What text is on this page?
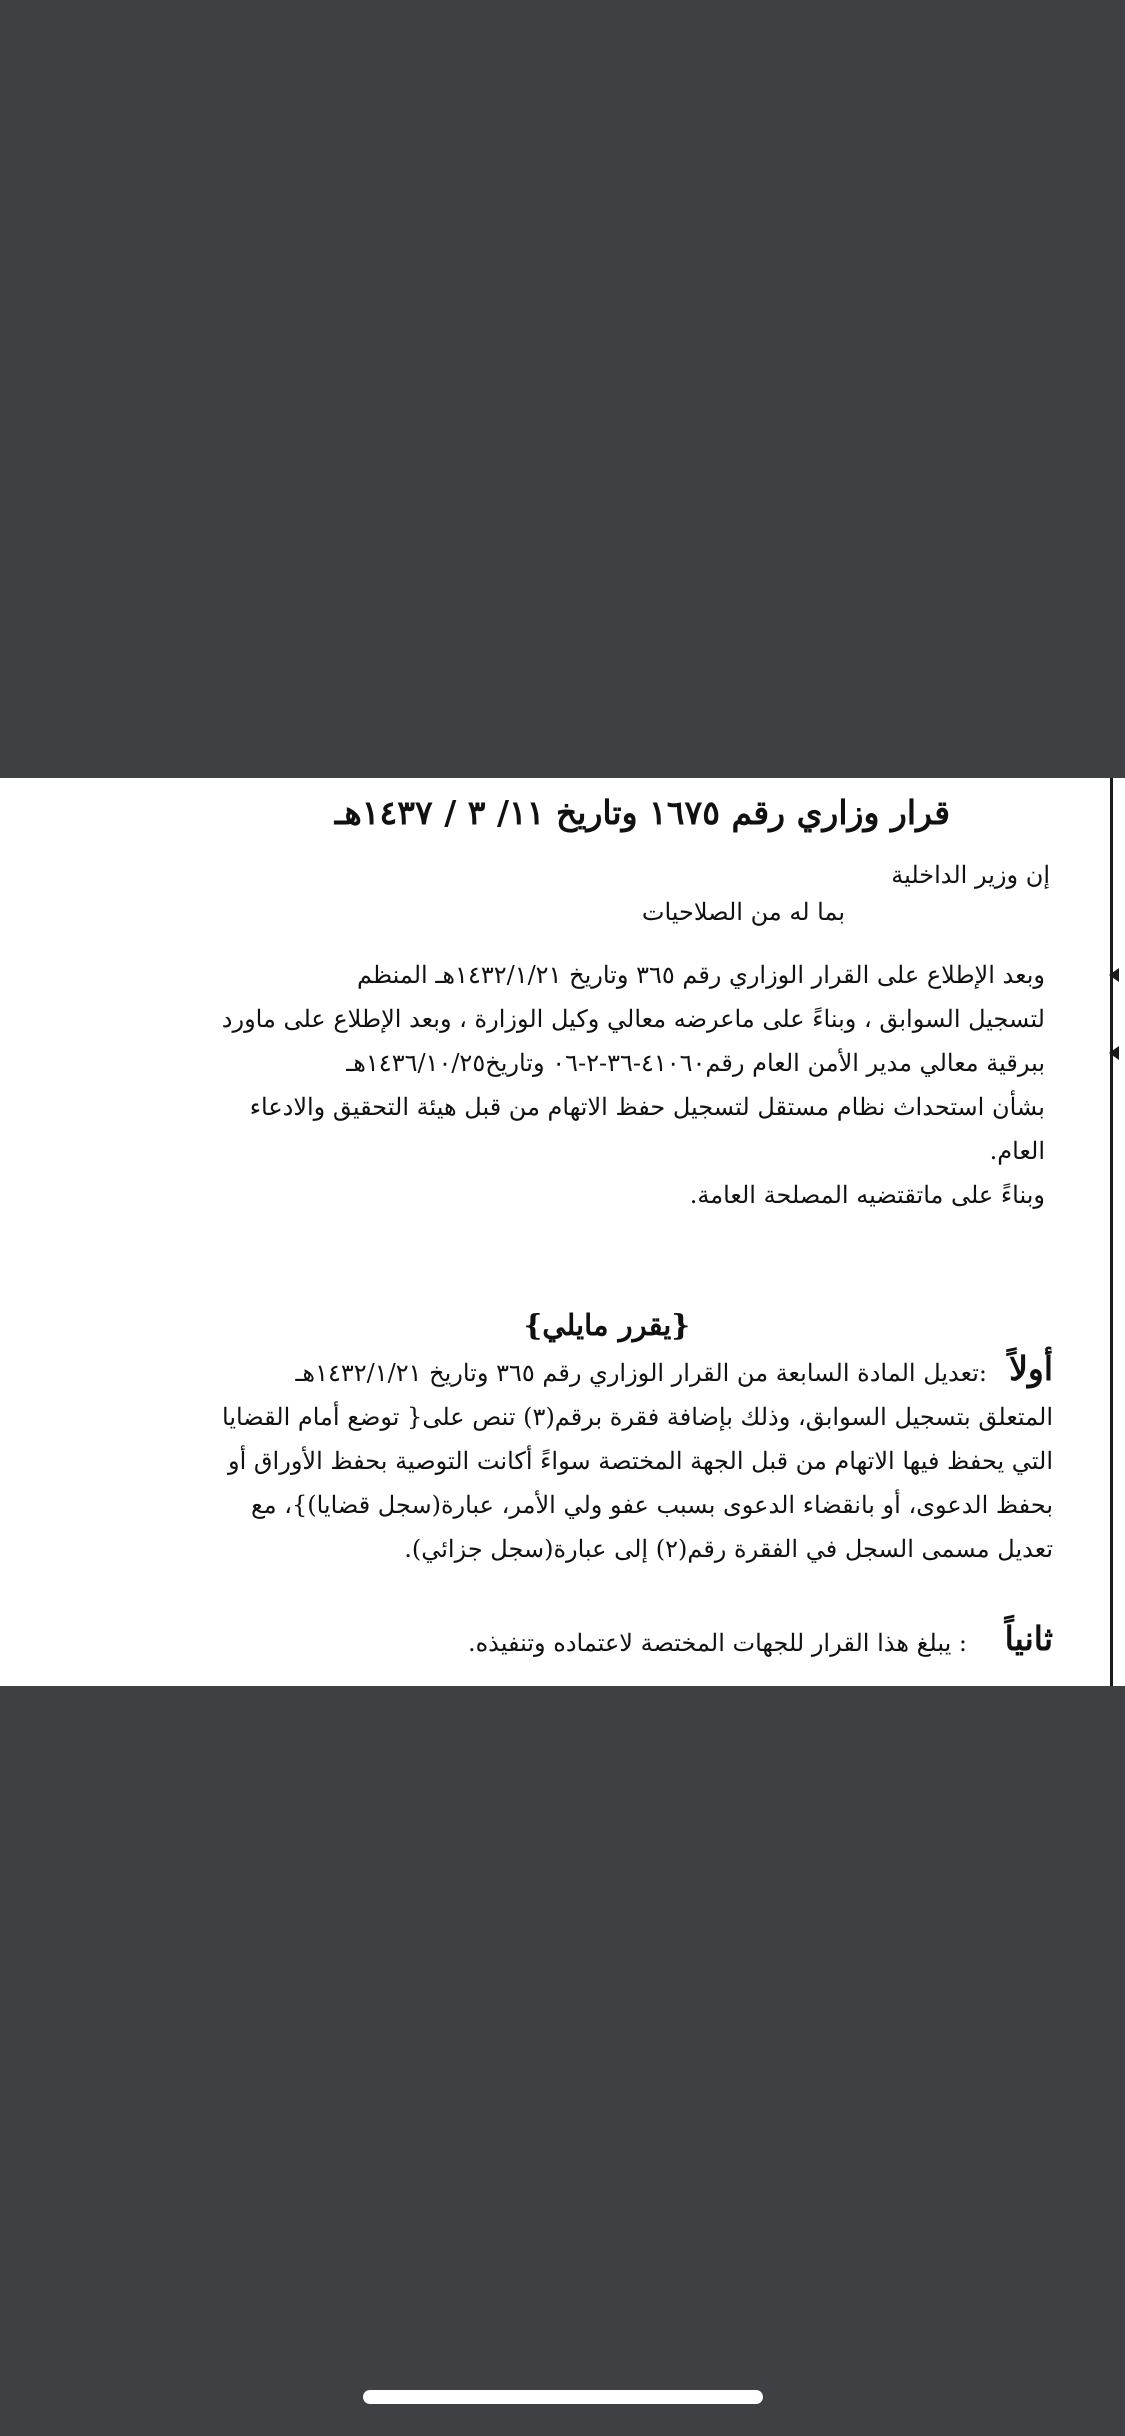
قرار وزاري رقم ١٦٧٥ وتاريخ ١١/ ٣ / ١٤٣٧هـ
إن وزير الداخلية
بما له من الصلاحيات
وبعد الإطلاع على القرار الوزاري رقم ٣٦٥ وتاريخ ١٤٣٢/١/٢١هـ المنظم
لتسجيل السوابق ، وبناءً على ماعرضه معالي وكيل الوزارة ، وبعد الإطلاع على ماورد
ببرقية معالي مدير الأمن العام رقم٤١٠٦٠-٣٦-٢-٠٦ وتاريخ١٤٣٦/١٠/٢٥هـ
بشأن استحداث نظام مستقل لتسجيل حفظ الاتهام من قبل هيئة التحقيق والادعاء
العام.
وبناءً على ماتقتضيه المصلحة العامة.
{يقرر مايلي}
أولاً
:تعديل المادة السابعة من القرار الوزاري رقم ٣٦٥ وتاريخ ١٤٣٢/١/٢١هـ
المتعلق بتسجيل السوابق، وذلك بإضافة فقرة برقم(٣) تنص على{ توضع أمام القضايا
التي يحفظ فيها الاتهام من قبل الجهة المختصة سواءً أكانت التوصية بحفظ الأوراق أو
بحفظ الدعوى، أو بانقضاء الدعوى بسبب عفو ولي الأمر، عبارة(سجل قضايا)}، مع
تعديل مسمى السجل في الفقرة رقم(٢) إلى عبارة(سجل جزائي).
ثانياً
: يبلغ هذا القرار للجهات المختصة لاعتماده وتنفيذه.
